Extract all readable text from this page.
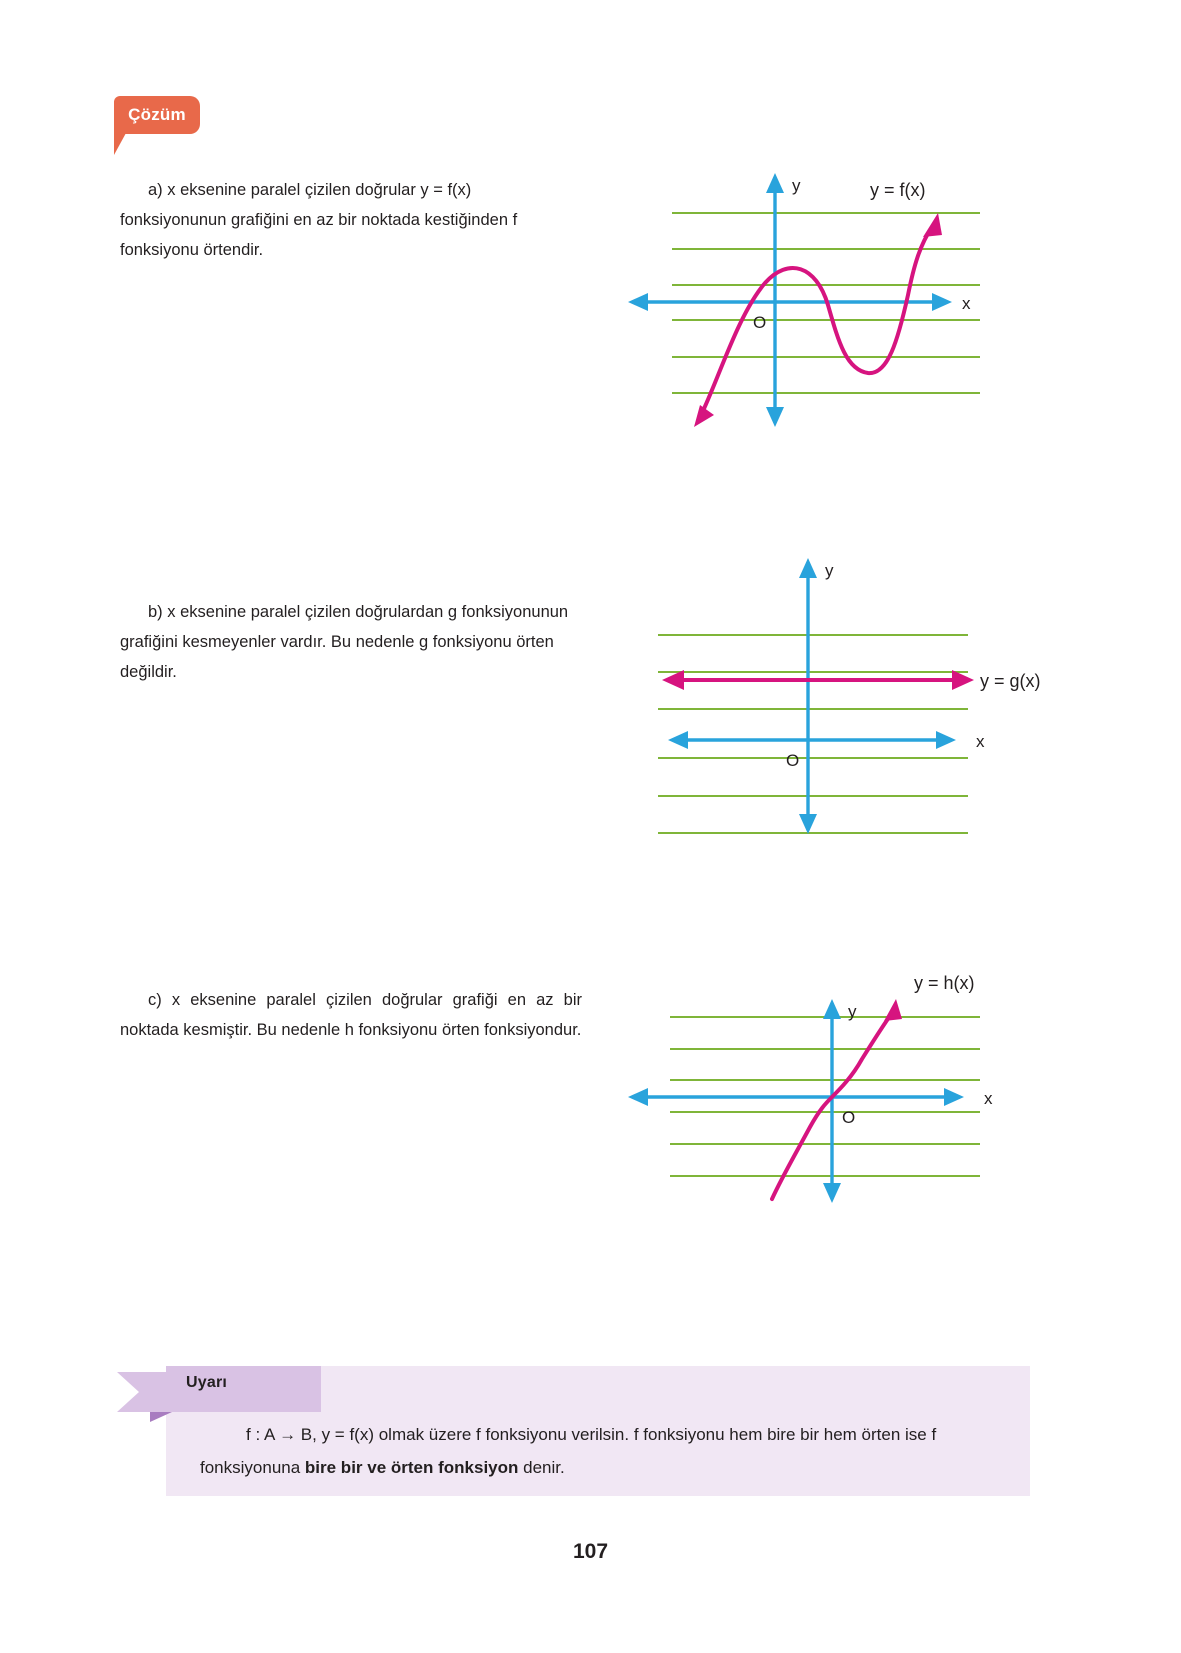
Çözüm
a) x eksenine paralel çizilen doğrular y = f(x) fonksiyonunun grafiğini en az bir noktada kestiğinden f fonksiyonu örtendir.
y
x
O
y = f(x)
b) x eksenine paralel çizilen doğrulardan g fonksiyonunun grafiğini kesmeyenler vardır. Bu nedenle g fonksiyonu örten değildir.
y
x
O
y = g(x)
c) x eksenine paralel çizilen doğrular grafiği en az bir noktada kesmiştir. Bu nedenle h fonksiyonu örten fonksiyondur.
y
x
O
y = h(x)
Uyarı
f : A → B, y = f(x) olmak üzere f fonksiyonu verilsin. f fonksiyonu hem bire bir hem örten ise f fonksiyonuna bire bir ve örten fonksiyon denir.
107
